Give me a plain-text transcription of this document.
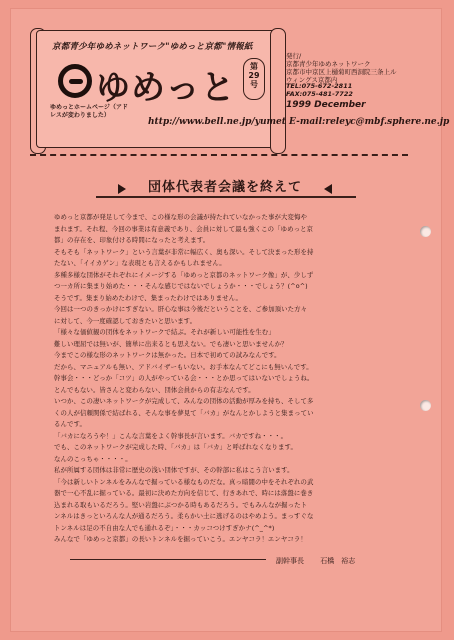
京都青少年ゆめネットワーク"ゆめっと京都"情報紙
ゆめっと
第
29
号
ゆめっとホームページ（アドレスが変わりました）
http://www.bell.ne.jp/yumet E-mail:releyc@mbf.sphere.ne.jp
発行/
京都青少年ゆめネットワーク
京都市中京区上樋菊町西洞院三条上ル　ウィングス京都内
TEL:075-672-2811
FAX:075-481-7722
1999 December
団体代表者会議を終えて

ゆめっと京都が発足して今まで、この様な形の会議が持たれていなかった事が大変悔や

まれます。それ程、今回の事業は有意義であり、会員に対して最も強くこの「ゆめっと京

都」の存在を、印象付ける時間になったと考えます。

そもそも「ネットワーク」という言葉が非常に幅広く、奥も深い。そして決まった形を持

たない、「イイカゲン」な表現とも言えるかもしれません。

多種多様な団体がそれぞれにイメージする「ゆめっと京都のネットワーク像」が、少しず

つ一カ所に集まり始めた・・・そんな感じではないでしょうか・・・でしょう？(^o^)

そうです。集まり始めたわけで、集まったわけではありません。

今回は一つのきっかけにすぎない。肝心な事は今後だということを、ご参加頂いた方々

に対して、今一度確認しておきたいと思います。

「様々な価値観の団体をネットワークで結ぶ。それが新しい可能性を生む」

難しい理屈では無いが、簡単に出来るとも思えない。でも凄いと思いませんか？

今までこの様な形のネットワークは無かった。日本で初めての試みなんです。

だから、マニュアルも無い、アドバイザーもいない。お手本なんてどこにも無いんです。

幹事会・・・どっか「コツ」の人がやっている会・・・とか思ってはいないでしょうね。

とんでもない。皆さんと変わらない、団体会員からの有志なんです。

いつか、この凄いネットワークが完成して、みんなの団体の活動が厚みを持ち、そして多

くの人が信頼関係で結ばれる、そんな事を夢見て「バカ」がなんとかしようと集まってい

るんです。

「バカになろうや！」こんな言葉をよく幹事長が言います。バカですね・・・。

でも、このネットワークが完成した時、「バカ」は「バカ」と呼ばれなくなります。

なんのこっちゃ・・・・。

私が所属する団体は非常に歴史の浅い団体ですが、その幹部に私はこう言います。

「今は新しいトンネルをみんなで掘っている様なものだな。真っ暗闇の中をそれぞれの武

器で一心不乱に掘っている。最初に決めた方向を信じて、行きあれで、時には落盤に巻き

込まれる取もいるだろう。堅い岩盤にぶつかる時もあるだろう。でもみんなが掘ったト

ンネルはきっといろんな人が通るだろう。柔らかい土に逃げるのはやめよう。まっすぐな

トンネルは足の不自由な人でも通れるぞ」・・・カッコつけすぎかナ(^_^*)

みんなで「ゆめっと京都」の長いトンネルを掘っていこう。エンヤコラ！エンヤコラ！

副幹事長 石橋　裕志
